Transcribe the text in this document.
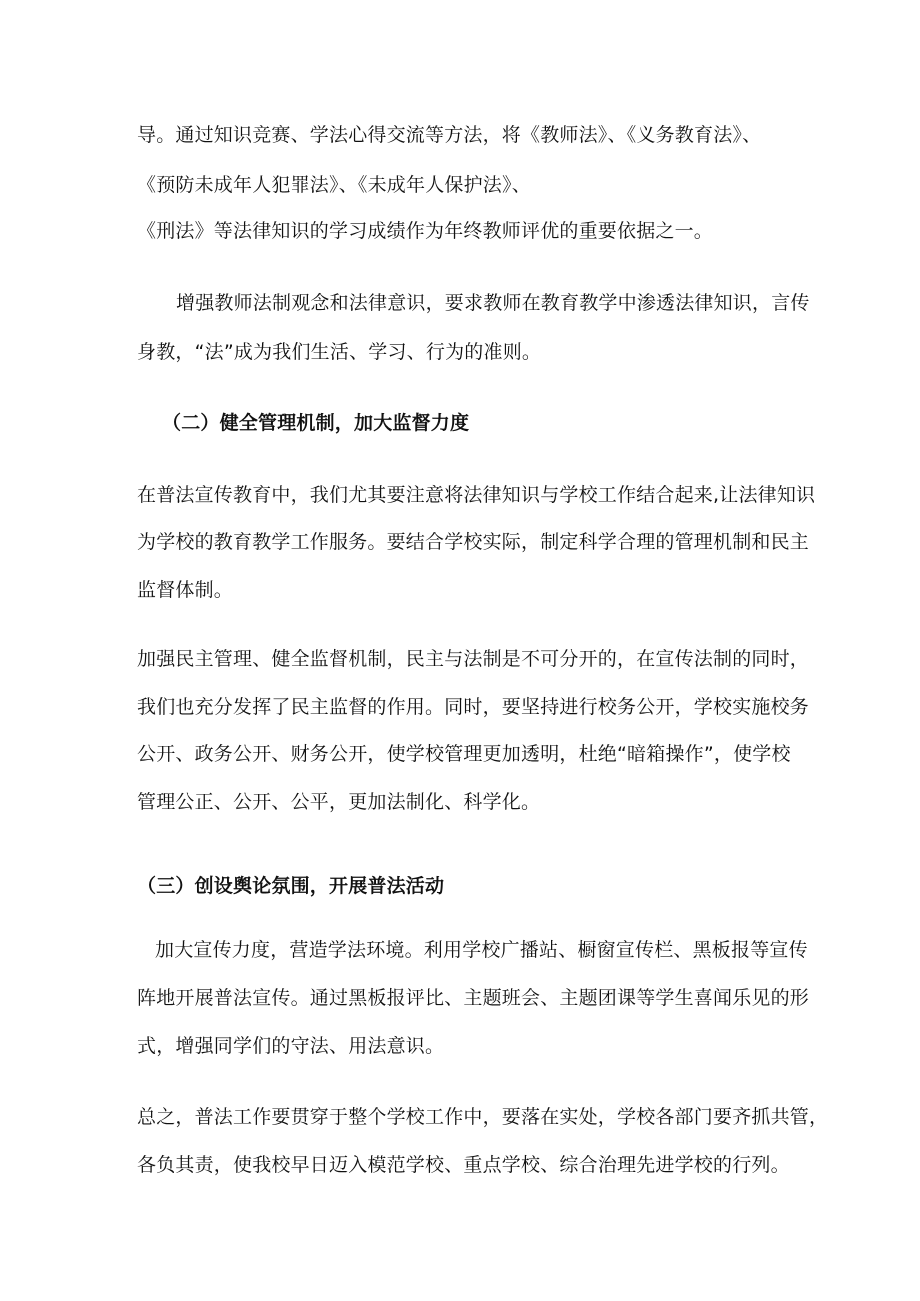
导。通过知识竞赛、学法心得交流等方法，将《教师法》、《义务教育法》、
《预防未成年人犯罪法》、《未成年人保护法》、
《刑法》等法律知识的学习成绩作为年终教师评优的重要依据之一。
增强教师法制观念和法律意识，要求教师在教育教学中渗透法律知识，言传
身教，“法”成为我们生活、学习、行为的准则。
（二）健全管理机制，加大监督力度
在普法宣传教育中，我们尤其要注意将法律知识与学校工作结合起来,让法律知识
为学校的教育教学工作服务。要结合学校实际，制定科学合理的管理机制和民主
监督体制。
加强民主管理、健全监督机制，民主与法制是不可分开的，在宣传法制的同时，
我们也充分发挥了民主监督的作用。同时，要坚持进行校务公开，学校实施校务
公开、政务公开、财务公开，使学校管理更加透明，杜绝“暗箱操作”，使学校
管理公正、公开、公平，更加法制化、科学化。
（三）创设舆论氛围，开展普法活动
加大宣传力度，营造学法环境。利用学校广播站、橱窗宣传栏、黑板报等宣传
阵地开展普法宣传。通过黑板报评比、主题班会、主题团课等学生喜闻乐见的形
式，增强同学们的守法、用法意识。
总之，普法工作要贯穿于整个学校工作中，要落在实处，学校各部门要齐抓共管，
各负其责，使我校早日迈入模范学校、重点学校、综合治理先进学校的行列。
